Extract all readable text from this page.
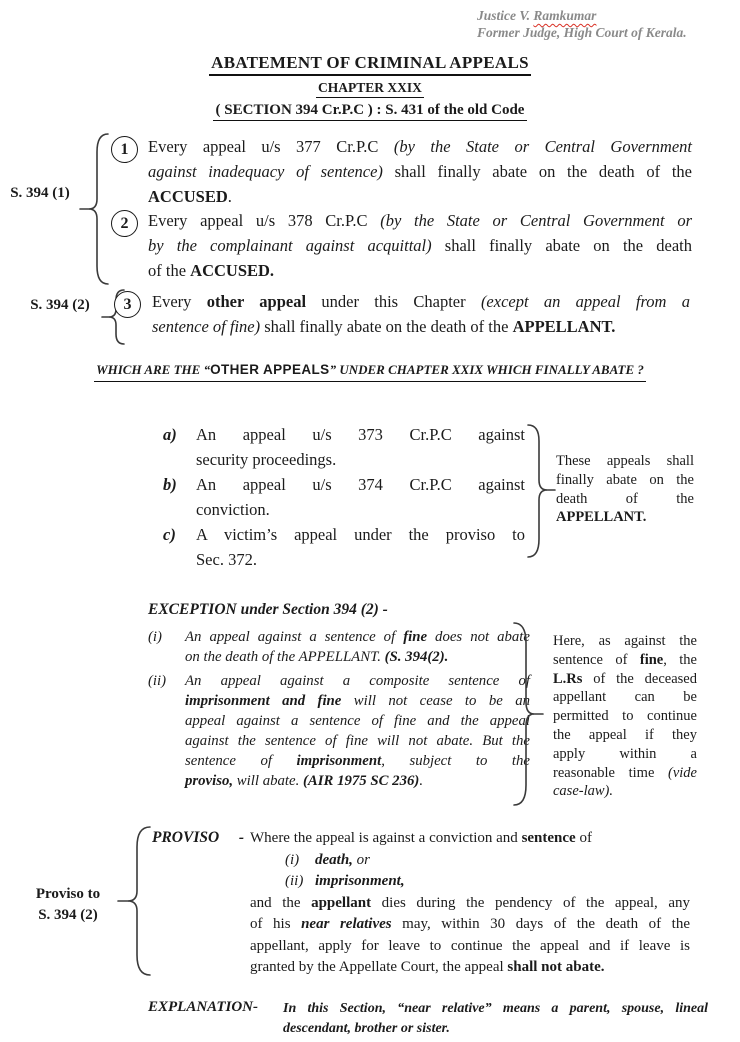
Justice V. Ramkumar
Former Judge, High Court of Kerala.
ABATEMENT OF CRIMINAL APPEALS
CHAPTER XXIX
( SECTION 394 Cr.P.C ) : S. 431 of the old Code
S. 394 (1)
1	Every appeal u/s 377 Cr.P.C (by the State or Central Government
against inadequacy of sentence) shall finally abate on the death of the
ACCUSED.
2	Every appeal u/s 378 Cr.P.C (by the State or Central Government or
by the complainant against acquittal) shall finally abate on the death
of the ACCUSED.
S. 394 (2)	3	Every other appeal under this Chapter (except an appeal from a
sentence of fine) shall finally abate on the death of the APPELLANT.
WHICH ARE THE “OTHER APPEALS” UNDER CHAPTER XXIX WHICH FINALLY ABATE ?
a)	An appeal u/s 373 Cr.P.C against
security proceedings.
b)	An appeal u/s 374 Cr.P.C against
conviction.
c)	A victim’s appeal under the proviso to
Sec. 372.
These appeals shall
finally abate on the
death of the
APPELLANT.
EXCEPTION under Section 394 (2) -
(i)	An appeal against a sentence of fine does not abate
on the death of the APPELLANT. (S. 394(2).
(ii)	An appeal against a composite sentence of
imprisonment and fine will not cease to be an
appeal against a sentence of fine and the appeal
against the sentence of fine will not abate. But the
sentence of imprisonment, subject to the
proviso, will abate. (AIR 1975 SC 236).
Here, as against the
sentence of fine, the
L.Rs of the deceased
appellant can be
permitted to continue
the appeal if they
apply within a
reasonable time (vide
case-law).
Proviso to
S. 394 (2)
PROVISO - Where the appeal is against a conviction and sentence of
(i) death, or
(ii) imprisonment,
and the appellant dies during the pendency of the appeal, any
of his near relatives may, within 30 days of the death of the
appellant, apply for leave to continue the appeal and if leave is
granted by the Appellate Court, the appeal shall not abate.
EXPLANATION - In this Section, “near relative” means a parent, spouse, lineal
descendant, brother or sister.
